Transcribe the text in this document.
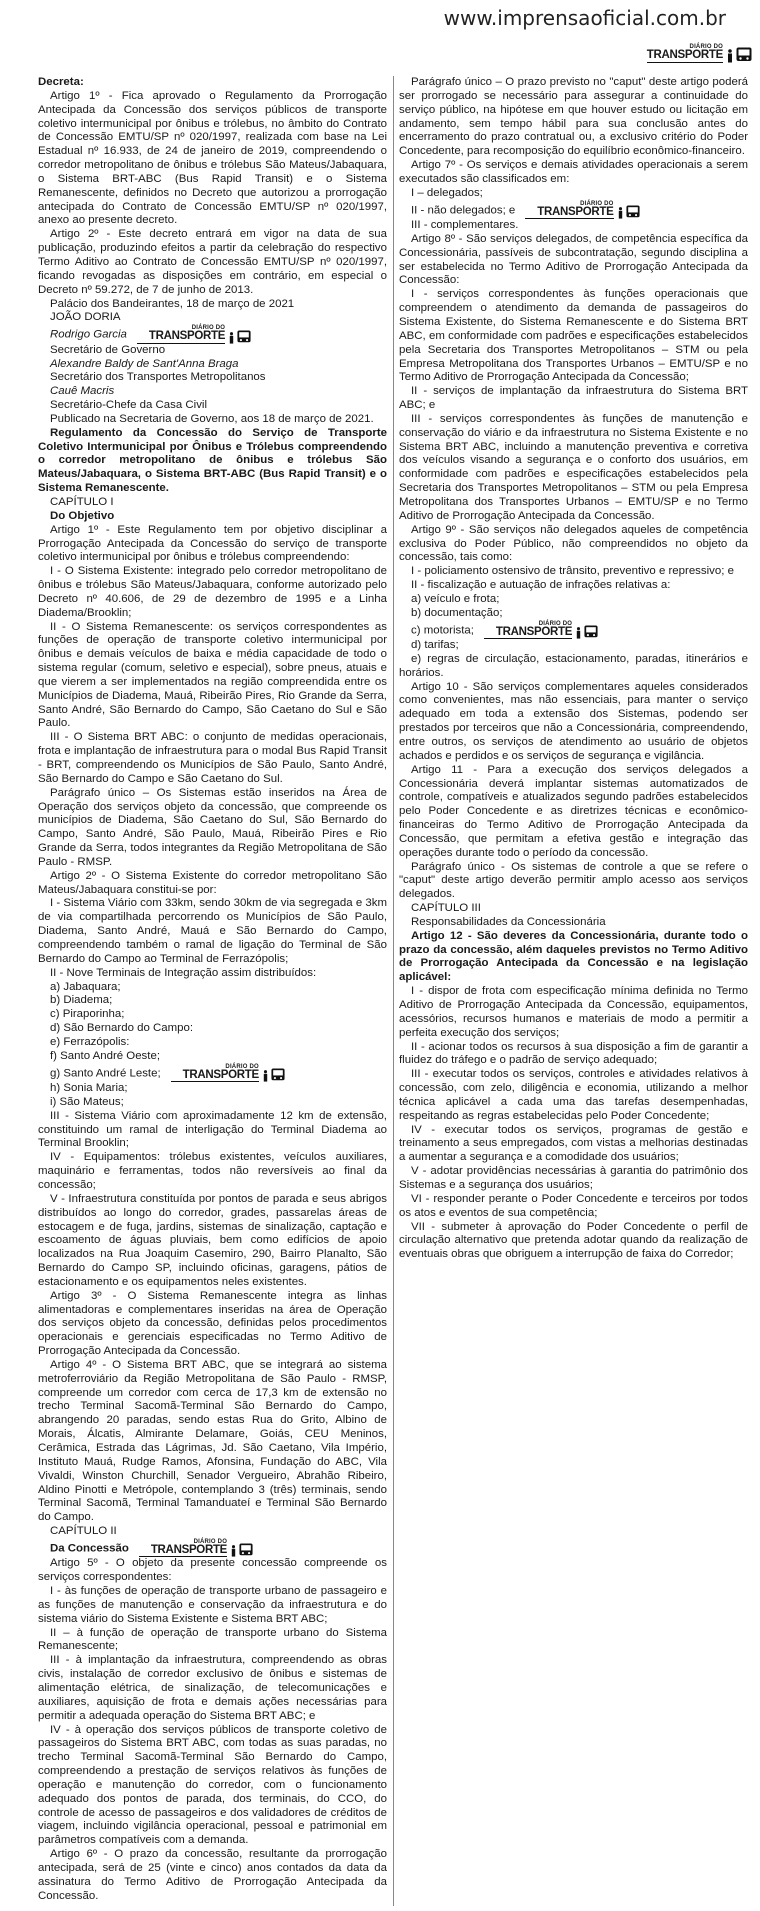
www.imprensaoficial.com.br
DIÁRIO DO
TRANSPORTE

Decreta:

Artigo 1º - Fica aprovado o Regulamento da Prorrogação Antecipada da Concessão dos serviços públicos de transporte coletivo intermunicipal por ônibus e trólebus, no âmbito do Contrato de Concessão EMTU/SP nº 020/1997, realizada com base na Lei Estadual nº 16.933, de 24 de janeiro de 2019, compreendendo o corredor metropolitano de ônibus e trólebus São Mateus/Jabaquara, o Sistema BRT-ABC (Bus Rapid Transit) e o Sistema Remanescente, definidos no Decreto que autorizou a prorrogação antecipada do Contrato de Concessão EMTU/SP nº 020/1997, anexo ao presente decreto.

Artigo 2º - Este decreto entrará em vigor na data de sua publicação, produzindo efeitos a partir da celebração do respectivo Termo Aditivo ao Contrato de Concessão EMTU/SP nº 020/1997, ficando revogadas as disposições em contrário, em especial o Decreto nº 59.272, de 7 de junho de 2013.

Palácio dos Bandeirantes, 18 de março de 2021

JOÃO DORIA

Rodrigo Garcia
DIÁRIO DO
TRANSPORTE

Secretário de Governo

Alexandre Baldy de Sant'Anna Braga

Secretário dos Transportes Metropolitanos

Cauê Macris

Secretário-Chefe da Casa Civil

Publicado na Secretaria de Governo, aos 18 de março de 2021.

Regulamento da Concessão do Serviço de Transporte Coletivo Intermunicipal por Ônibus e Trólebus compreendendo o corredor metropolitano de ônibus e trólebus São Mateus/Jabaquara, o Sistema BRT-ABC (Bus Rapid Transit) e o Sistema Remanescente.

CAPÍTULO I

Do Objetivo

Artigo 1º - Este Regulamento tem por objetivo disciplinar a Prorrogação Antecipada da Concessão do serviço de transporte coletivo intermunicipal por ônibus e trólebus compreendendo:

I - O Sistema Existente: integrado pelo corredor metropolitano de ônibus e trólebus São Mateus/Jabaquara, conforme autorizado pelo Decreto nº 40.606, de 29 de dezembro de 1995 e a Linha Diadema/Brooklin;

II - O Sistema Remanescente: os serviços correspondentes as funções de operação de transporte coletivo intermunicipal por ônibus e demais veículos de baixa e média capacidade de todo o sistema regular (comum, seletivo e especial), sobre pneus, atuais e que vierem a ser implementados na região compreendida entre os Municípios de Diadema, Mauá, Ribeirão Pires, Rio Grande da Serra, Santo André, São Bernardo do Campo, São Caetano do Sul e São Paulo.

III - O Sistema BRT ABC: o conjunto de medidas operacionais, frota e implantação de infraestrutura para o modal Bus Rapid Transit - BRT, compreendendo os Municípios de São Paulo, Santo André, São Bernardo do Campo e São Caetano do Sul.

Parágrafo único – Os Sistemas estão inseridos na Área de Operação dos serviços objeto da concessão, que compreende os municípios de Diadema, São Caetano do Sul, São Bernardo do Campo, Santo André, São Paulo, Mauá, Ribeirão Pires e Rio Grande da Serra, todos integrantes da Região Metropolitana de São Paulo - RMSP.

Artigo 2º - O Sistema Existente do corredor metropolitano São Mateus/Jabaquara constitui-se por:

I - Sistema Viário com 33km, sendo 30km de via segregada e 3km de via compartilhada percorrendo os Municípios de São Paulo, Diadema, Santo André, Mauá e São Bernardo do Campo, compreendendo também o ramal de ligação do Terminal de São Bernardo do Campo ao Terminal de Ferrazópolis;

II - Nove Terminais de Integração assim distribuídos:

a) Jabaquara;

b) Diadema;

c) Piraporinha;

d) São Bernardo do Campo:

e) Ferrazópolis:

f) Santo André Oeste;

g) Santo André Leste;
DIÁRIO DO
TRANSPORTE

h) Sonia Maria;

i) São Mateus;

III - Sistema Viário com aproximadamente 12 km de extensão, constituindo um ramal de interligação do Terminal Diadema ao Terminal Brooklin;

IV - Equipamentos: trólebus existentes, veículos auxiliares, maquinário e ferramentas, todos não reversíveis ao final da concessão;

V - Infraestrutura constituída por pontos de parada e seus abrigos distribuídos ao longo do corredor, grades, passarelas áreas de estocagem e de fuga, jardins, sistemas de sinalização, captação e escoamento de águas pluviais, bem como edifícios de apoio localizados na Rua Joaquim Casemiro, 290, Bairro Planalto, São Bernardo do Campo SP, incluindo oficinas, garagens, pátios de estacionamento e os equipamentos neles existentes.

Artigo 3º - O Sistema Remanescente integra as linhas alimentadoras e complementares inseridas na área de Operação dos serviços objeto da concessão, definidas pelos procedimentos operacionais e gerenciais especificadas no Termo Aditivo de Prorrogação Antecipada da Concessão.

Artigo 4º - O Sistema BRT ABC, que se integrará ao sistema metroferroviário da Região Metropolitana de São Paulo - RMSP, compreende um corredor com cerca de 17,3 km de extensão no trecho Terminal Sacomã-Terminal São Bernardo do Campo, abrangendo 20 paradas, sendo estas Rua do Grito, Albino de Morais, Álcatis, Almirante Delamare, Goiás, CEU Meninos, Cerâmica, Estrada das Lágrimas, Jd. São Caetano, Vila Império, Instituto Mauá, Rudge Ramos, Afonsina, Fundação do ABC, Vila Vivaldi, Winston Churchill, Senador Vergueiro, Abrahão Ribeiro, Aldino Pinotti e Metrópole, contemplando 3 (três) terminais, sendo Terminal Sacomã, Terminal Tamanduateí e Terminal São Bernardo do Campo.

CAPÍTULO II

Da Concessão
DIÁRIO DO
TRANSPORTE

Artigo 5º - O objeto da presente concessão compreende os serviços correspondentes:

I - às funções de operação de transporte urbano de passageiro e as funções de manutenção e conservação da infraestrutura e do sistema viário do Sistema Existente e Sistema BRT ABC;

II – à função de operação de transporte urbano do Sistema Remanescente;

III - à implantação da infraestrutura, compreendendo as obras civis, instalação de corredor exclusivo de ônibus e sistemas de alimentação elétrica, de sinalização, de telecomunicações e auxiliares, aquisição de frota e demais ações necessárias para permitir a adequada operação do Sistema BRT ABC; e

IV - à operação dos serviços públicos de transporte coletivo de passageiros do Sistema BRT ABC, com todas as suas paradas, no trecho Terminal Sacomã-Terminal São Bernardo do Campo, compreendendo a prestação de serviços relativos às funções de operação e manutenção do corredor, com o funcionamento adequado dos pontos de parada, dos terminais, do CCO, do controle de acesso de passageiros e dos validadores de créditos de viagem, incluindo vigilância operacional, pessoal e patrimonial em parâmetros compatíveis com a demanda.

Artigo 6º - O prazo da concessão, resultante da prorrogação antecipada, será de 25 (vinte e cinco) anos contados da data da assinatura do Termo Aditivo de Prorrogação Antecipada da Concessão.

Parágrafo único – O prazo previsto no "caput" deste artigo poderá ser prorrogado se necessário para assegurar a continuidade do serviço público, na hipótese em que houver estudo ou licitação em andamento, sem tempo hábil para sua conclusão antes do encerramento do prazo contratual ou, a exclusivo critério do Poder Concedente, para recomposição do equilíbrio econômico-financeiro.

Artigo 7º - Os serviços e demais atividades operacionais a serem executados são classificados em:

I – delegados;

II - não delegados; e
DIÁRIO DO
TRANSPORTE

III - complementares.

Artigo 8º - São serviços delegados, de competência específica da Concessionária, passíveis de subcontratação, segundo disciplina a ser estabelecida no Termo Aditivo de Prorrogação Antecipada da Concessão:

I - serviços correspondentes às funções operacionais que compreendem o atendimento da demanda de passageiros do Sistema Existente, do Sistema Remanescente e do Sistema BRT ABC, em conformidade com padrões e especificações estabelecidos pela Secretaria dos Transportes Metropolitanos – STM ou pela Empresa Metropolitana dos Transportes Urbanos – EMTU/SP e no Termo Aditivo de Prorrogação Antecipada da Concessão;

II - serviços de implantação da infraestrutura do Sistema BRT ABC; e

III - serviços correspondentes às funções de manutenção e conservação do viário e da infraestrutura no Sistema Existente e no Sistema BRT ABC, incluindo a manutenção preventiva e corretiva dos veículos visando a segurança e o conforto dos usuários, em conformidade com padrões e especificações estabelecidos pela Secretaria dos Transportes Metropolitanos – STM ou pela Empresa Metropolitana dos Transportes Urbanos – EMTU/SP e no Termo Aditivo de Prorrogação Antecipada da Concessão.

Artigo 9º - São serviços não delegados aqueles de competência exclusiva do Poder Público, não compreendidos no objeto da concessão, tais como:

I - policiamento ostensivo de trânsito, preventivo e repressivo; e

II - fiscalização e autuação de infrações relativas a:

a) veículo e frota;

b) documentação;

c) motorista;
DIÁRIO DO
TRANSPORTE

d) tarifas;

e) regras de circulação, estacionamento, paradas, itinerários e horários.

Artigo 10 - São serviços complementares aqueles considerados como convenientes, mas não essenciais, para manter o serviço adequado em toda a extensão dos Sistemas, podendo ser prestados por terceiros que não a Concessionária, compreendendo, entre outros, os serviços de atendimento ao usuário de objetos achados e perdidos e os serviços de segurança e vigilância.

Artigo 11 - Para a execução dos serviços delegados a Concessionária deverá implantar sistemas automatizados de controle, compatíveis e atualizados segundo padrões estabelecidos pelo Poder Concedente e as diretrizes técnicas e econômico-financeiras do Termo Aditivo de Prorrogação Antecipada da Concessão, que permitam a efetiva gestão e integração das operações durante todo o período da concessão.

Parágrafo único - Os sistemas de controle a que se refere o "caput" deste artigo deverão permitir amplo acesso aos serviços delegados.

CAPÍTULO III

Responsabilidades da Concessionária

Artigo 12 - São deveres da Concessionária, durante todo o prazo da concessão, além daqueles previstos no Termo Aditivo de Prorrogação Antecipada da Concessão e na legislação aplicável:

I - dispor de frota com especificação mínima definida no Termo Aditivo de Prorrogação Antecipada da Concessão, equipamentos, acessórios, recursos humanos e materiais de modo a permitir a perfeita execução dos serviços;

II - acionar todos os recursos à sua disposição a fim de garantir a fluidez do tráfego e o padrão de serviço adequado;

III - executar todos os serviços, controles e atividades relativos à concessão, com zelo, diligência e economia, utilizando a melhor técnica aplicável a cada uma das tarefas desempenhadas, respeitando as regras estabelecidas pelo Poder Concedente;

IV - executar todos os serviços, programas de gestão e treinamento a seus empregados, com vistas a melhorias destinadas a aumentar a segurança e a comodidade dos usuários;

V - adotar providências necessárias à garantia do patrimônio dos Sistemas e a segurança dos usuários;

VI - responder perante o Poder Concedente e terceiros por todos os atos e eventos de sua competência;

VII - submeter à aprovação do Poder Concedente o perfil de circulação alternativo que pretenda adotar quando da realização de eventuais obras que obriguem a interrupção de faixa do Corredor;
